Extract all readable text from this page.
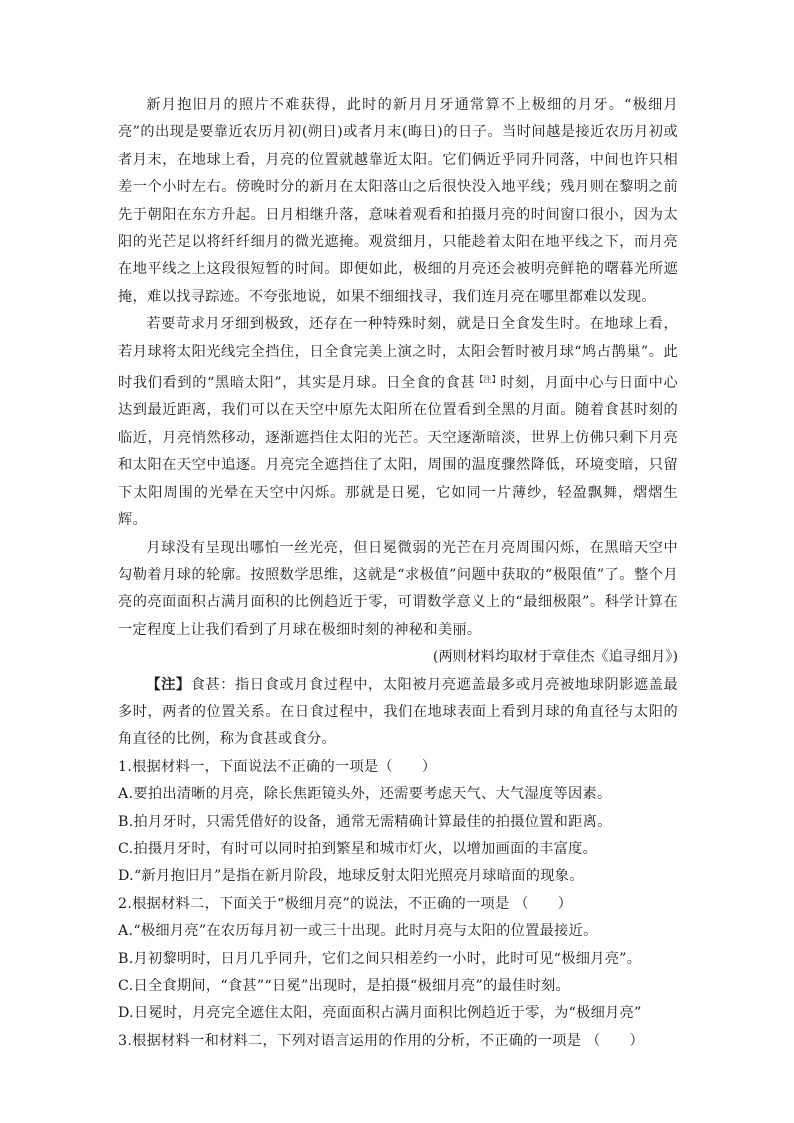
新月抱旧月的照片不难获得，此时的新月月牙通常算不上极细的月牙。“极细月亮”的出现是要靠近农历月初(朔日)或者月末(晦日)的日子。当时间越是接近农历月初或者月末，在地球上看，月亮的位置就越靠近太阳。它们俩近乎同升同落，中间也许只相差一个小时左右。傍晚时分的新月在太阳落山之后很快没入地平线；残月则在黎明之前先于朝阳在东方升起。日月相继升落，意味着观看和拍摄月亮的时间窗口很小，因为太阳的光芒足以将纤纤细月的微光遮掩。观赏细月，只能趁着太阳在地平线之下，而月亮在地平线之上这段很短暂的时间。即便如此，极细的月亮还会被明亮鲜艳的曙暮光所遮掩，难以找寻踪迹。不夸张地说，如果不细细找寻，我们连月亮在哪里都难以发现。

若要苛求月牙细到极致，还存在一种特殊时刻，就是日全食发生时。在地球上看，若月球将太阳光线完全挡住，日全食完美上演之时，太阳会暂时被月球“鸠占鹊巢”。此时我们看到的“黑暗太阳”，其实是月球。日全食的食甚$^{【注】}$时刻，月面中心与日面中心达到最近距离，我们可以在天空中原先太阳所在位置看到全黑的月面。随着食甚时刻的临近，月亮悄然移动，逐渐遮挡住太阳的光芒。天空逐渐暗淡，世界上仿佛只剩下月亮和太阳在天空中追逐。月亮完全遮挡住了太阳，周围的温度骤然降低，环境变暗，只留下太阳周围的光晕在天空中闪烁。那就是日冕，它如同一片薄纱，轻盈飘舞，熠熠生辉。

月球没有呈现出哪怕一丝光亮，但日冕微弱的光芒在月亮周围闪烁，在黑暗天空中勾勒着月球的轮廓。按照数学思维，这就是“求极值”问题中获取的“极限值”了。整个月亮的亮面面积占满月面积的比例趋近于零，可谓数学意义上的“最细极限”。科学计算在一定程度上让我们看到了月球在极细时刻的神秘和美丽。

(两则材料均取材于章佳杰《追寻细月》)

【注】食甚：指日食或月食过程中，太阳被月亮遮盖最多或月亮被地球阴影遮盖最多时，两者的位置关系。在日食过程中，我们在地球表面上看到月球的角直径与太阳的角直径的比例，称为食甚或食分。

1.根据材料一，下面说法不正确的一项是（　　）

A.要拍出清晰的月亮，除长焦距镜头外，还需要考虑天气、大气湿度等因素。

B.拍月牙时，只需凭借好的设备，通常无需精确计算最佳的拍摄位置和距离。

C.拍摄月牙时，有时可以同时拍到繁星和城市灯火，以增加画面的丰富度。

D.“新月抱旧月”是指在新月阶段，地球反射太阳光照亮月球暗面的现象。

2.根据材料二，下面关于“极细月亮”的说法，不正确的一项是 （　　）

A.“极细月亮”在农历每月初一或三十出现。此时月亮与太阳的位置最接近。

B.月初黎明时，日月几乎同升，它们之间只相差约一小时，此时可见“极细月亮”。

C.日全食期间，“食甚”“日冕”出现时，是拍摄“极细月亮”的最佳时刻。

D.日冕时，月亮完全遮住太阳，亮面面积占满月面积比例趋近于零，为“极细月亮”

3.根据材料一和材料二，下列对语言运用的作用的分析，不正确的一项是 （　　）
